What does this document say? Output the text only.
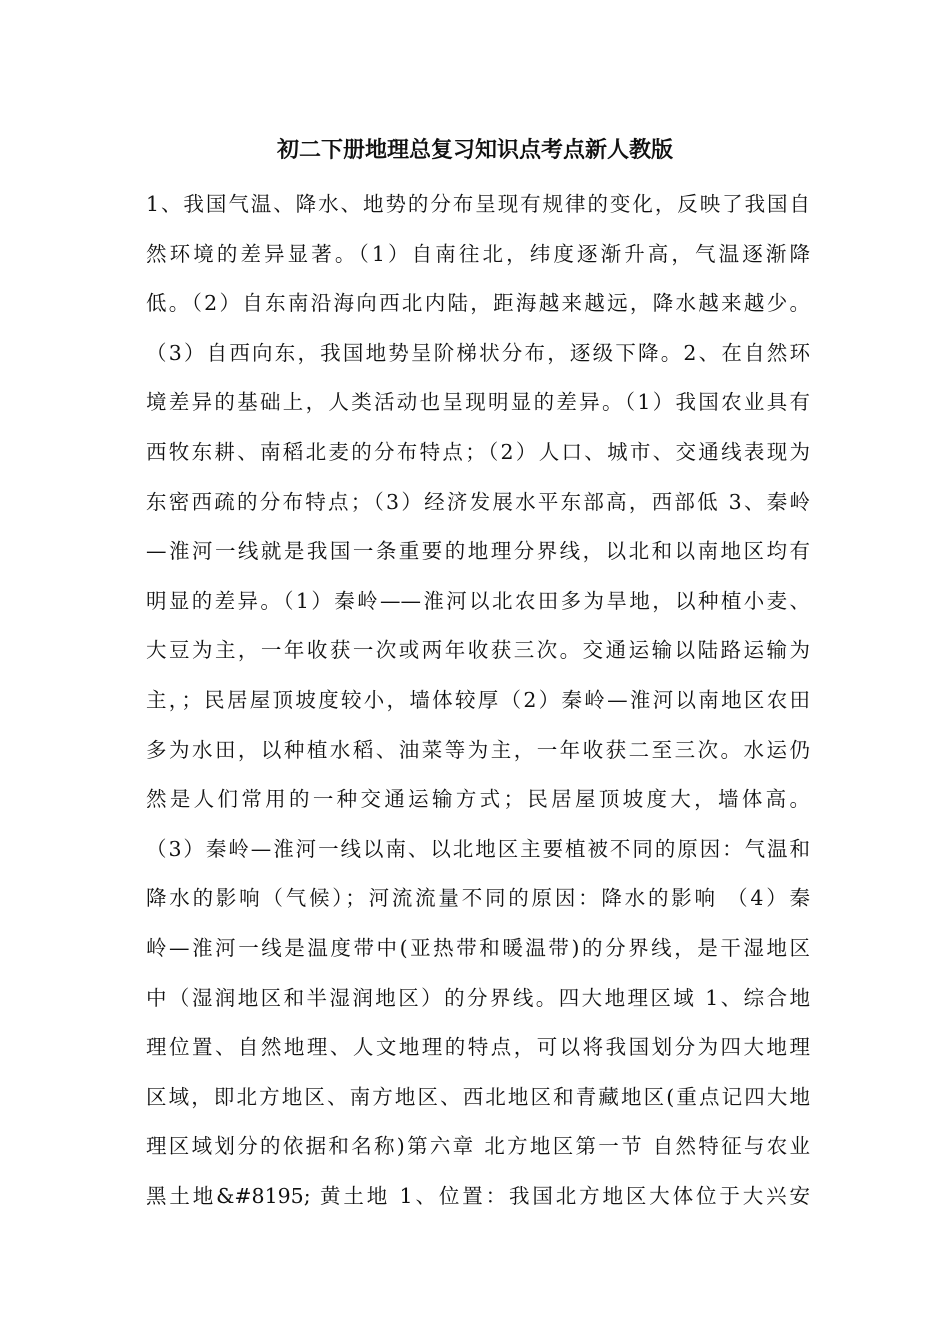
初二下册地理总复习知识点考点新人教版
1、我国气温、降水、地势的分布呈现有规律的变化，反映了我国自
然环境的差异显著。（1）自南往北，纬度逐渐升高，气温逐渐降
低。（2）自东南沿海向西北内陆，距海越来越远，降水越来越少。
（3）自西向东，我国地势呈阶梯状分布，逐级下降。2、在自然环
境差异的基础上，人类活动也呈现明显的差异。（1）我国农业具有
西牧东耕、南稻北麦的分布特点；（2）人口、城市、交通线表现为
东密西疏的分布特点；（3）经济发展水平东部高，西部低 3、秦岭
—淮河一线就是我国一条重要的地理分界线，以北和以南地区均有
明显的差异。（1）秦岭——淮河以北农田多为旱地，以种植小麦、
大豆为主，一年收获一次或两年收获三次。交通运输以陆路运输为
主，；民居屋顶坡度较小，墙体较厚（2）秦岭—淮河以南地区农田
多为水田，以种植水稻、油菜等为主，一年收获二至三次。水运仍
然是人们常用的一种交通运输方式；民居屋顶坡度大，墙体高。
（3）秦岭—淮河一线以南、以北地区主要植被不同的原因：气温和
降水的影响（气候）；河流流量不同的原因：降水的影响 （4）秦
岭—淮河一线是温度带中(亚热带和暖温带)的分界线，是干湿地区
中（湿润地区和半湿润地区）的分界线。四大地理区域 1、综合地
理位置、自然地理、人文地理的特点，可以将我国划分为四大地理
区域，即北方地区、南方地区、西北地区和青藏地区(重点记四大地
理区域划分的依据和名称)第六章 北方地区第一节 自然特征与农业
黑土地&#8195; 黄土地 1、位置：我国北方地区大体位于大兴安
